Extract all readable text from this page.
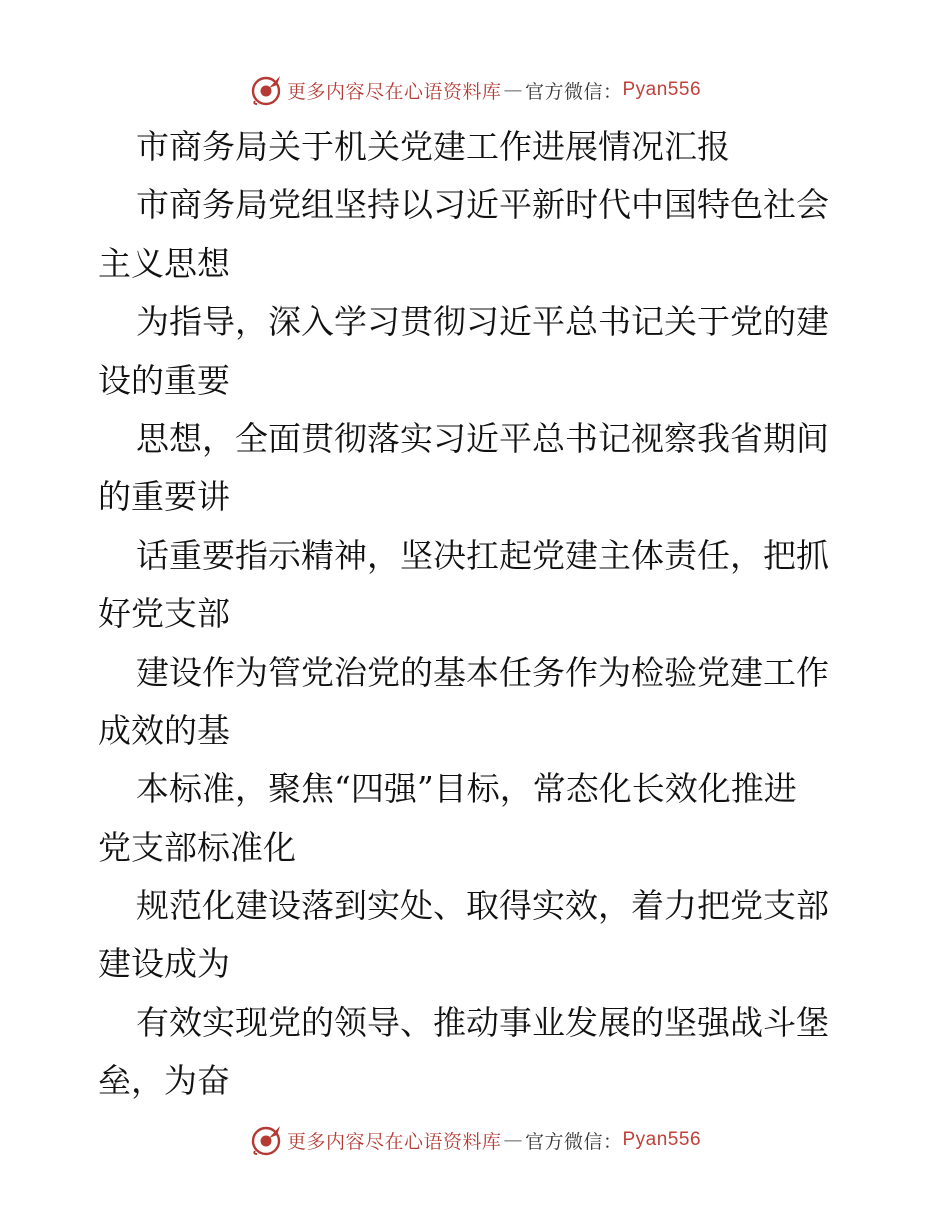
更多内容尽在心语资料库 — 官方微信： Pyan556
市商务局关于机关党建工作进展情况汇报
市商务局党组坚持以习近平新时代中国特色社会
主义思想
为指导，深入学习贯彻习近平总书记关于党的建
设的重要
思想，全面贯彻落实习近平总书记视察我省期间
的重要讲
话重要指示精神，坚决扛起党建主体责任，把抓
好党支部
建设作为管党治党的基本任务作为检验党建工作
成效的基
本标准，聚焦“四强”目标，常态化长效化推进
党支部标准化
规范化建设落到实处、取得实效，着力把党支部
建设成为
有效实现党的领导、推动事业发展的坚强战斗堡
垒，为奋
更多内容尽在心语资料库 — 官方微信： Pyan556
